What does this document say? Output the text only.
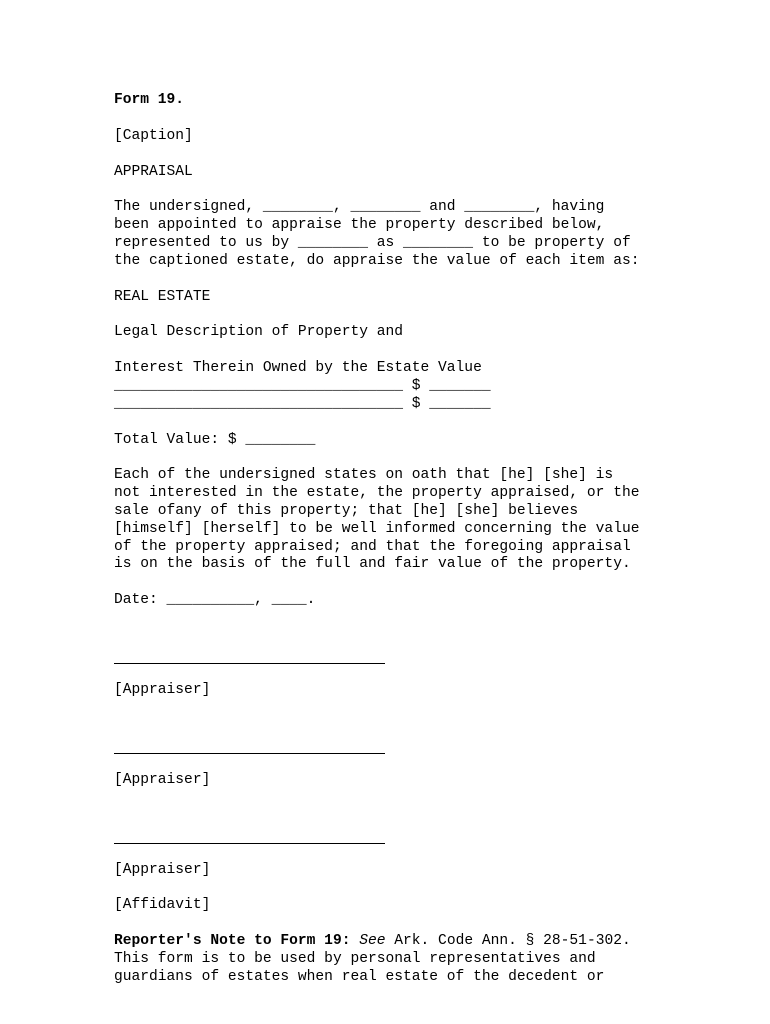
Form 19.
[Caption]
APPRAISAL
The undersigned, ________, ________ and ________, having
been appointed to appraise the property described below,
represented to us by ________ as ________ to be property of
the captioned estate, do appraise the value of each item as:
REAL ESTATE
Legal Description of Property and
Interest Therein Owned by the Estate Value
_________________________________ $ _______
_________________________________ $ _______
Total Value: $ ________
Each of the undersigned states on oath that [he] [she] is
not interested in the estate, the property appraised, or the
sale ofany of this property; that [he] [she] believes
[himself] [herself] to be well informed concerning the value
of the property appraised; and that the foregoing appraisal
is on the basis of the full and fair value of the property.
Date: __________, ____.
[Appraiser]
[Appraiser]
[Appraiser]
[Affidavit]
Reporter's Note to Form 19: See Ark. Code Ann. § 28-51-302.
This form is to be used by personal representatives and
guardians of estates when real estate of the decedent or
